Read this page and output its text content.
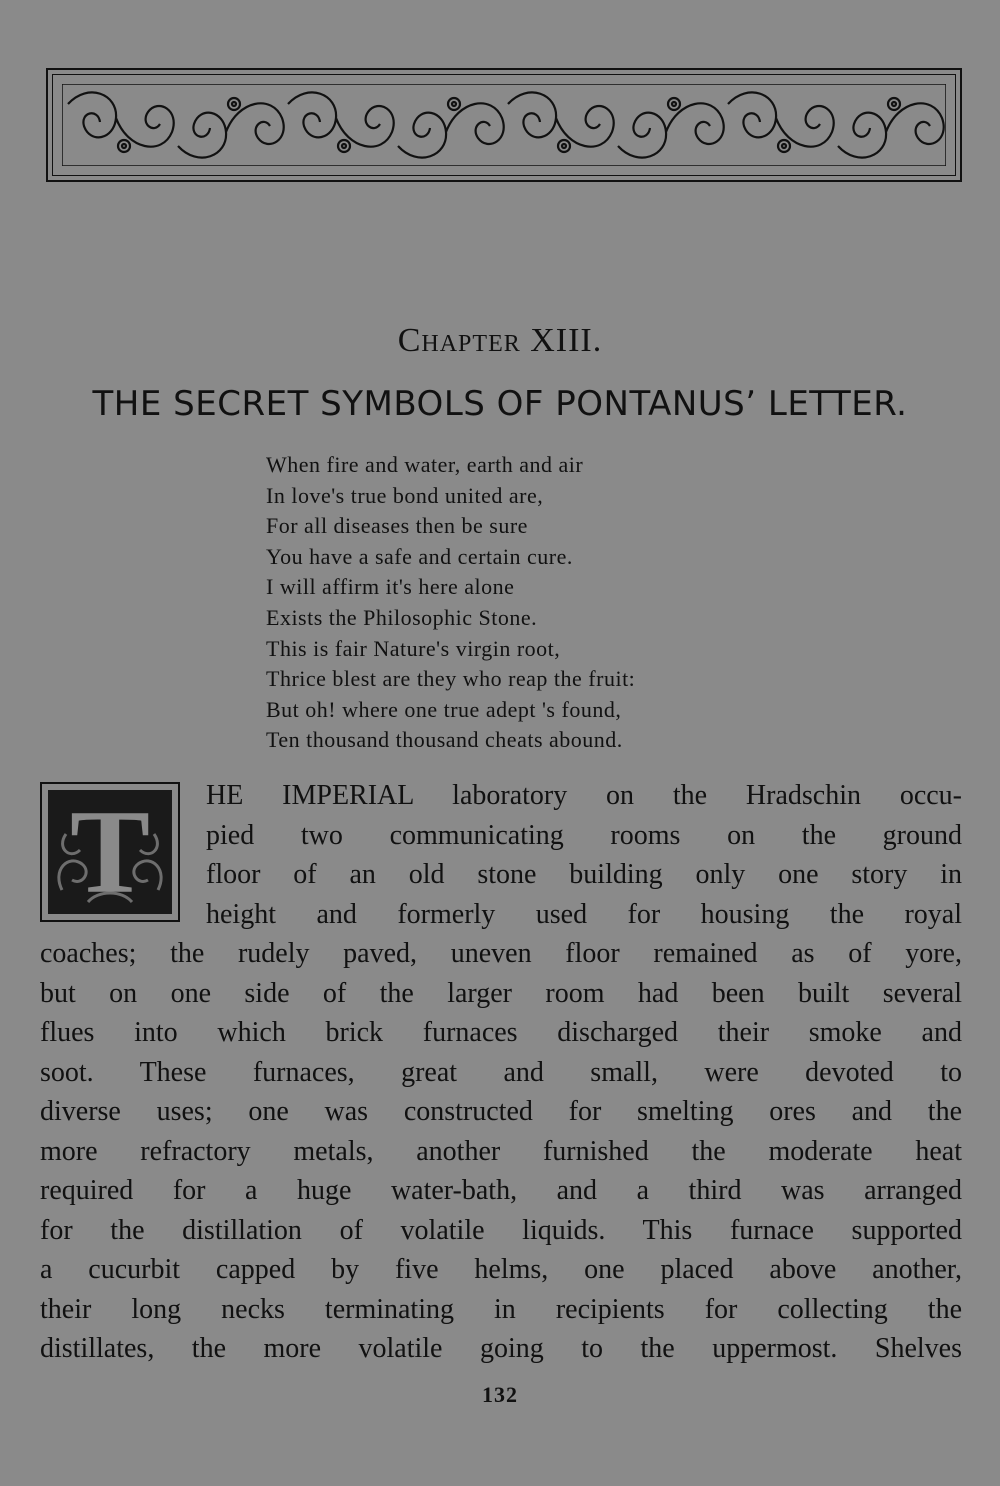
Chapter XIII.
THE SECRET SYMBOLS OF PONTANUS’ LETTER.
When fire and water, earth and air
In love's true bond united are,
For all diseases then be sure
You have a safe and certain cure.
I will affirm it's here alone
Exists the Philosophic Stone.
This is fair Nature's virgin root,
Thrice blest are they who reap the fruit:
But oh! where one true adept 's found,
Ten thousand thousand cheats abound.
T	HE IMPERIAL laboratory on the Hradschin occu-
pied two communicating rooms on the ground
floor of an old stone building only one story in
height and formerly used for housing the royal
coaches; the rudely paved, uneven floor remained as of yore,
but on one side of the larger room had been built several
flues into which brick furnaces discharged their smoke and
soot. These furnaces, great and small, were devoted to
diverse uses; one was constructed for smelting ores and the
more refractory metals, another furnished the moderate heat
required for a huge water-bath, and a third was arranged
for the distillation of volatile liquids. This furnace supported
a cucurbit capped by five helms, one placed above another,
their long necks terminating in recipients for collecting the
distillates, the more volatile going to the uppermost. Shelves
132
